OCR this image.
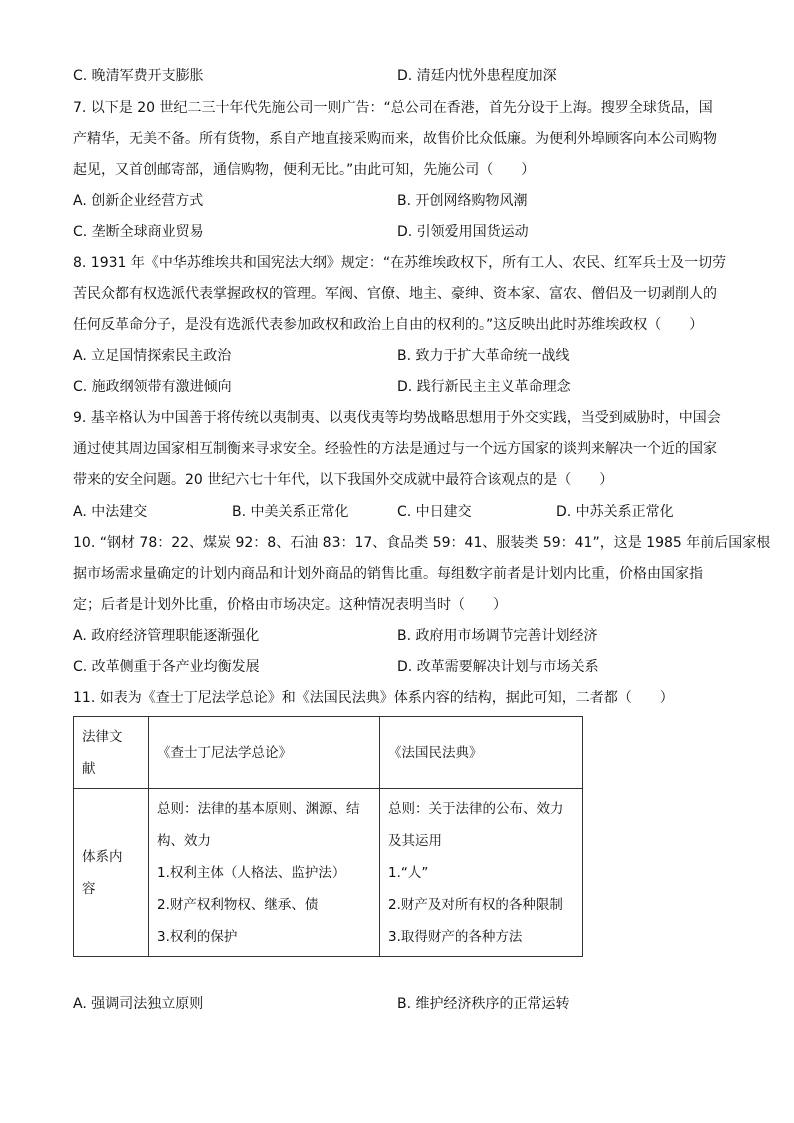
C. 晚清军费开支膨胀	D. 清廷内忧外患程度加深
7. 以下是 20 世纪二三十年代先施公司一则广告：“总公司在香港，首先分设于上海。搜罗全球货品，国
产精华，无美不备。所有货物，系自产地直接采购而来，故售价比众低廉。为便利外埠顾客向本公司购物
起见，又首创邮寄部，通信购物，便利无比。”由此可知，先施公司（　　）
A. 创新企业经营方式	B. 开创网络购物风潮
C. 垄断全球商业贸易	D. 引领爱用国货运动
8. 1931 年《中华苏维埃共和国宪法大纲》规定：“在苏维埃政权下，所有工人、农民、红军兵士及一切劳
苦民众都有权选派代表掌握政权的管理。军阀、官僚、地主、豪绅、资本家、富农、僧侣及一切剥削人的
任何反革命分子，是没有选派代表参加政权和政治上自由的权利的。”这反映出此时苏维埃政权（　　）
A. 立足国情探索民主政治	B. 致力于扩大革命统一战线
C. 施政纲领带有激进倾向	D. 践行新民主主义革命理念
9. 基辛格认为中国善于将传统以夷制夷、以夷伐夷等均势战略思想用于外交实践，当受到威胁时，中国会
通过使其周边国家相互制衡来寻求安全。经验性的方法是通过与一个远方国家的谈判来解决一个近的国家
带来的安全问题。20 世纪六七十年代，以下我国外交成就中最符合该观点的是（　　）
A. 中法建交	B. 中美关系正常化	C. 中日建交	D. 中苏关系正常化
10. “钢材 78：22、煤炭 92：8、石油 83：17、食品类 59：41、服装类 59：41”，这是 1985 年前后国家根
据市场需求量确定的计划内商品和计划外商品的销售比重。每组数字前者是计划内比重，价格由国家指
定；后者是计划外比重，价格由市场决定。这种情况表明当时（　　）
A. 政府经济管理职能逐渐强化	B. 政府用市场调节完善计划经济
C. 改革侧重于各产业均衡发展	D. 改革需要解决计划与市场关系
11. 如表为《查士丁尼法学总论》和《法国民法典》体系内容的结构，据此可知，二者都（　　）
法律文
献	《查士丁尼法学总论》	《法国民法典》

体系内
容	总则：法律的基本原则、渊源、结
构、效力
1.权利主体（人格法、监护法）
2.财产权利物权、继承、债
3.权利的保护	总则：关于法律的公布、效力
及其运用
1.“人”
2.财产及对所有权的各种限制
3.取得财产的各种方法
A. 强调司法独立原则	B. 维护经济秩序的正常运转
